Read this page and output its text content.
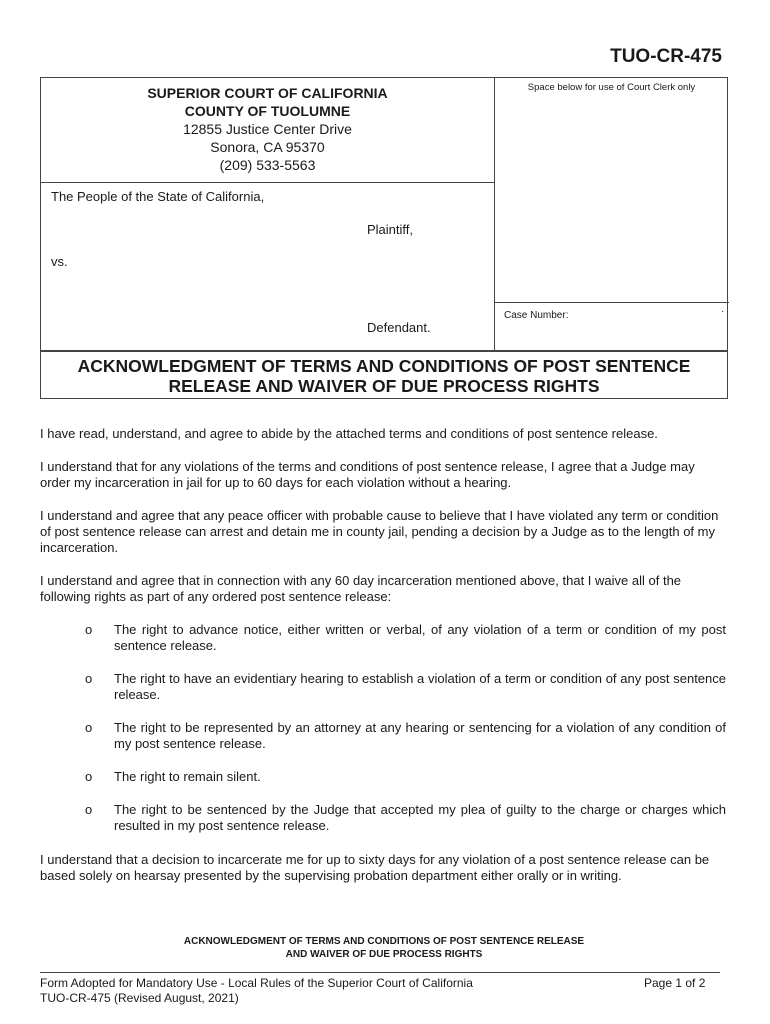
TUO-CR-475
SUPERIOR COURT OF CALIFORNIA
COUNTY OF TUOLUMNE
12855 Justice Center Drive
Sonora, CA 95370
(209) 533-5563
Space below for use of Court Clerk only
The People of the State of California,
Plaintiff,
vs.
Defendant.
Case Number:	·
ACKNOWLEDGMENT OF TERMS AND CONDITIONS OF POST SENTENCE
RELEASE AND WAIVER OF DUE PROCESS RIGHTS
I have read, understand, and agree to abide by the attached terms and conditions of post sentence release.
I understand that for any violations of the terms and conditions of post sentence release, I agree that a Judge may order my incarceration in jail for up to 60 days for each violation without a hearing.
I understand and agree that any peace officer with probable cause to believe that I have violated any term or condition of post sentence release can arrest and detain me in county jail, pending a decision by a Judge as to the length of my incarceration.
I understand and agree that in connection with any 60 day incarceration mentioned above, that I waive all of the following rights as part of any ordered post sentence release:
o The right to advance notice, either written or verbal, of any violation of a term or condition of my post sentence release.
o The right to have an evidentiary hearing to establish a violation of a term or condition of any post sentence release.
o The right to be represented by an attorney at any hearing or sentencing for a violation of any condition of my post sentence release.
o The right to remain silent.
o The right to be sentenced by the Judge that accepted my plea of guilty to the charge or charges which resulted in my post sentence release.
I understand that a decision to incarcerate me for up to sixty days for any violation of a post sentence release can be based solely on hearsay presented by the supervising probation department either orally or in writing.
ACKNOWLEDGMENT OF TERMS AND CONDITIONS OF POST SENTENCE RELEASE
AND WAIVER OF DUE PROCESS RIGHTS
Form Adopted for Mandatory Use - Local Rules of the Superior Court of California
TUO-CR-475 (Revised August, 2021)
Page 1 of 2
